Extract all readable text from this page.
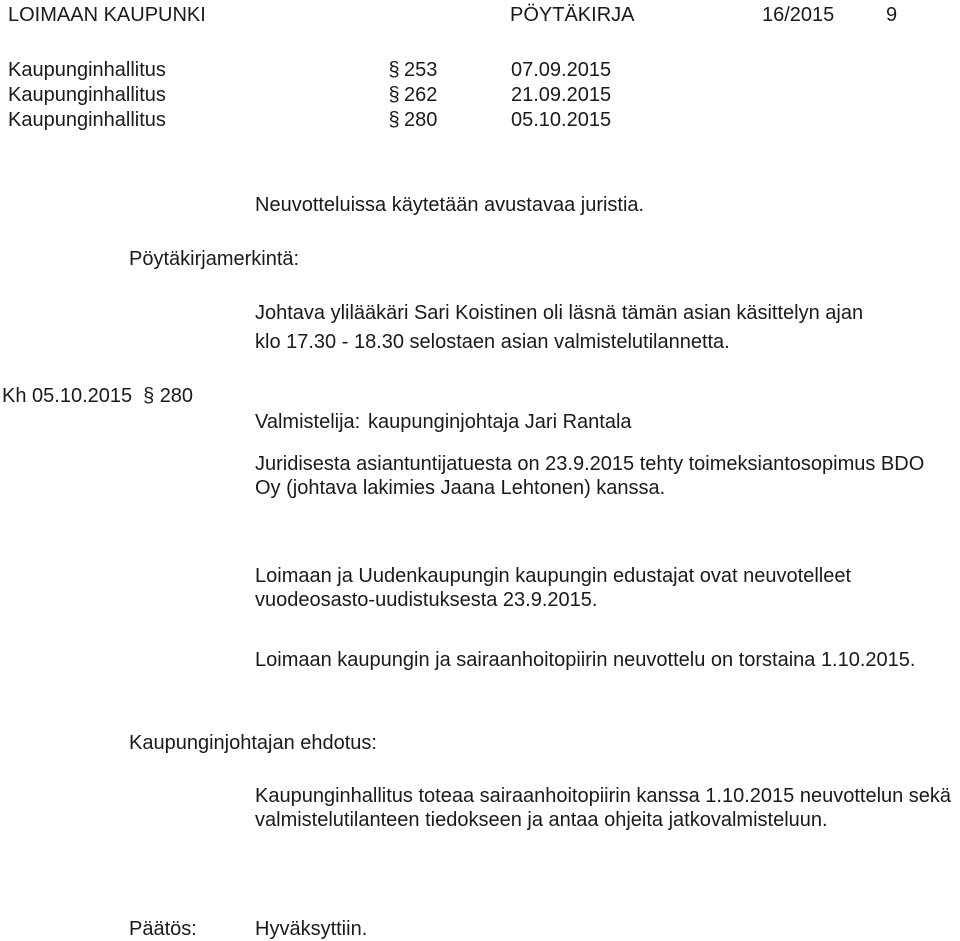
LOIMAAN KAUPUNKI	PÖYTÄKIRJA	16/2015	9
Kaupunginhallitus	§ 253	07.09.2015
Kaupunginhallitus	§ 262	21.09.2015
Kaupunginhallitus	§ 280	05.10.2015
Neuvotteluissa käytetään avustavaa juristia.
Pöytäkirjamerkintä:
Johtava ylilääkäri Sari Koistinen oli läsnä tämän asian käsittelyn ajan
klo 17.30 - 18.30 selostaen asian valmistelutilannetta.
Kh 05.10.2015 § 280
Valmistelija: kaupunginjohtaja Jari Rantala

Juridisesta asiantuntijatuesta on 23.9.2015 tehty toimeksiantosopimus BDO Oy (johtava lakimies Jaana Lehtonen) kanssa.

Loimaan ja Uudenkaupungin kaupungin edustajat ovat neuvotelleet vuodeosasto-uudistuksesta 23.9.2015.

Loimaan kaupungin ja sairaanhoitopiirin neuvottelu on torstaina 1.10.2015.

Kaupunginjohtajan ehdotus:

Kaupunginhallitus toteaa sairaanhoitopiirin kanssa 1.10.2015 neuvottelun sekä valmistelutilanteen tiedokseen ja antaa ohjeita jatkovalmisteluun.

Päätös:	Hyväksyttiin.
